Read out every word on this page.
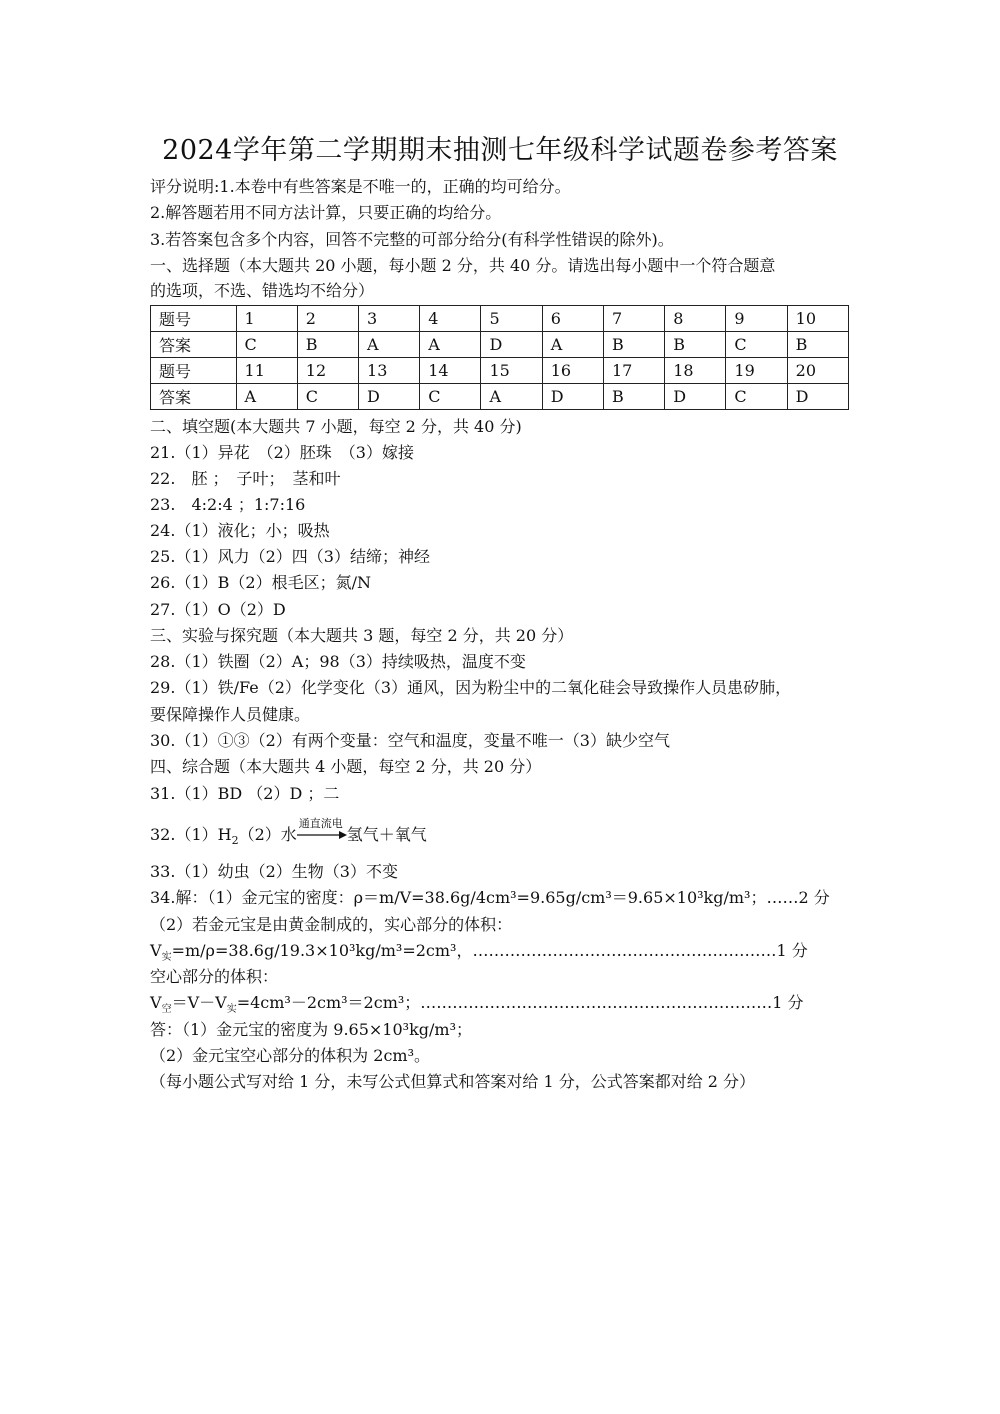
2024学年第二学期期末抽测七年级科学试题卷参考答案
评分说明:1.本卷中有些答案是不唯一的，正确的均可给分。
2.解答题若用不同方法计算，只要正确的均给分。
3.若答案包含多个内容，回答不完整的可部分给分(有科学性错误的除外)。
一、选择题（本大题共 20 小题，每小题 2 分，共 40 分。请选出每小题中一个符合题意
的选项，不选、错选均不给分）
题号	1	2	3	4	5	6	7	8	9	10
答案	C	B	A	A	D	A	B	B	C	B
题号	11	12	13	14	15	16	17	18	19	20
答案	A	C	D	C	A	D	B	D	C	D
二、填空题(本大题共 7 小题，每空 2 分，共 40 分)
21.（1）异花　（2）胚珠　（3）嫁接
22.　胚 ；　子叶；　茎和叶
23.　4:2:4 ；1:7:16
24.（1）液化；小；吸热
25.（1）风力（2）四（3）结缔；神经
26.（1）B（2）根毛区；氮/N
27.（1）O（2）D
三、实验与探究题（本大题共 3 题，每空 2 分，共 20 分）
28.（1）铁圈（2）A；98（3）持续吸热，温度不变
29.（1）铁/Fe（2）化学变化（3）通风，因为粉尘中的二氧化硅会导致操作人员患矽肺，
要保障操作人员健康。
30.（1）①③（2）有两个变量：空气和温度，变量不唯一（3）缺少空气
四、综合题（本大题共 4 小题，每空 2 分，共 20 分）
31.（1）BD （2）D ；二
$32.(1)H_2(2)$水
通直流电
氢气＋氧气
33.（1）幼虫（2）生物（3）不变
34.解：（1）金元宝的密度：ρ＝m/V=38.6g/4cm³=9.65g/cm³＝9.65×10³kg/m³；……2 分
（2）若金元宝是由黄金制成的，实心部分的体积：
$V_实=m/\rho=38.6g/19.3\times 10^3kg/m^3=2cm^3$，…………………………………………………1 分
空心部分的体积：
$V_空=V-V_实=4cm^3-2cm^3=2cm^3$；…………………………………………………………1 分
答：（1）金元宝的密度为 9.65×10³kg/m³；
（2）金元宝空心部分的体积为 2cm³。
（每小题公式写对给 1 分，未写公式但算式和答案对给 1 分，公式答案都对给 2 分）
